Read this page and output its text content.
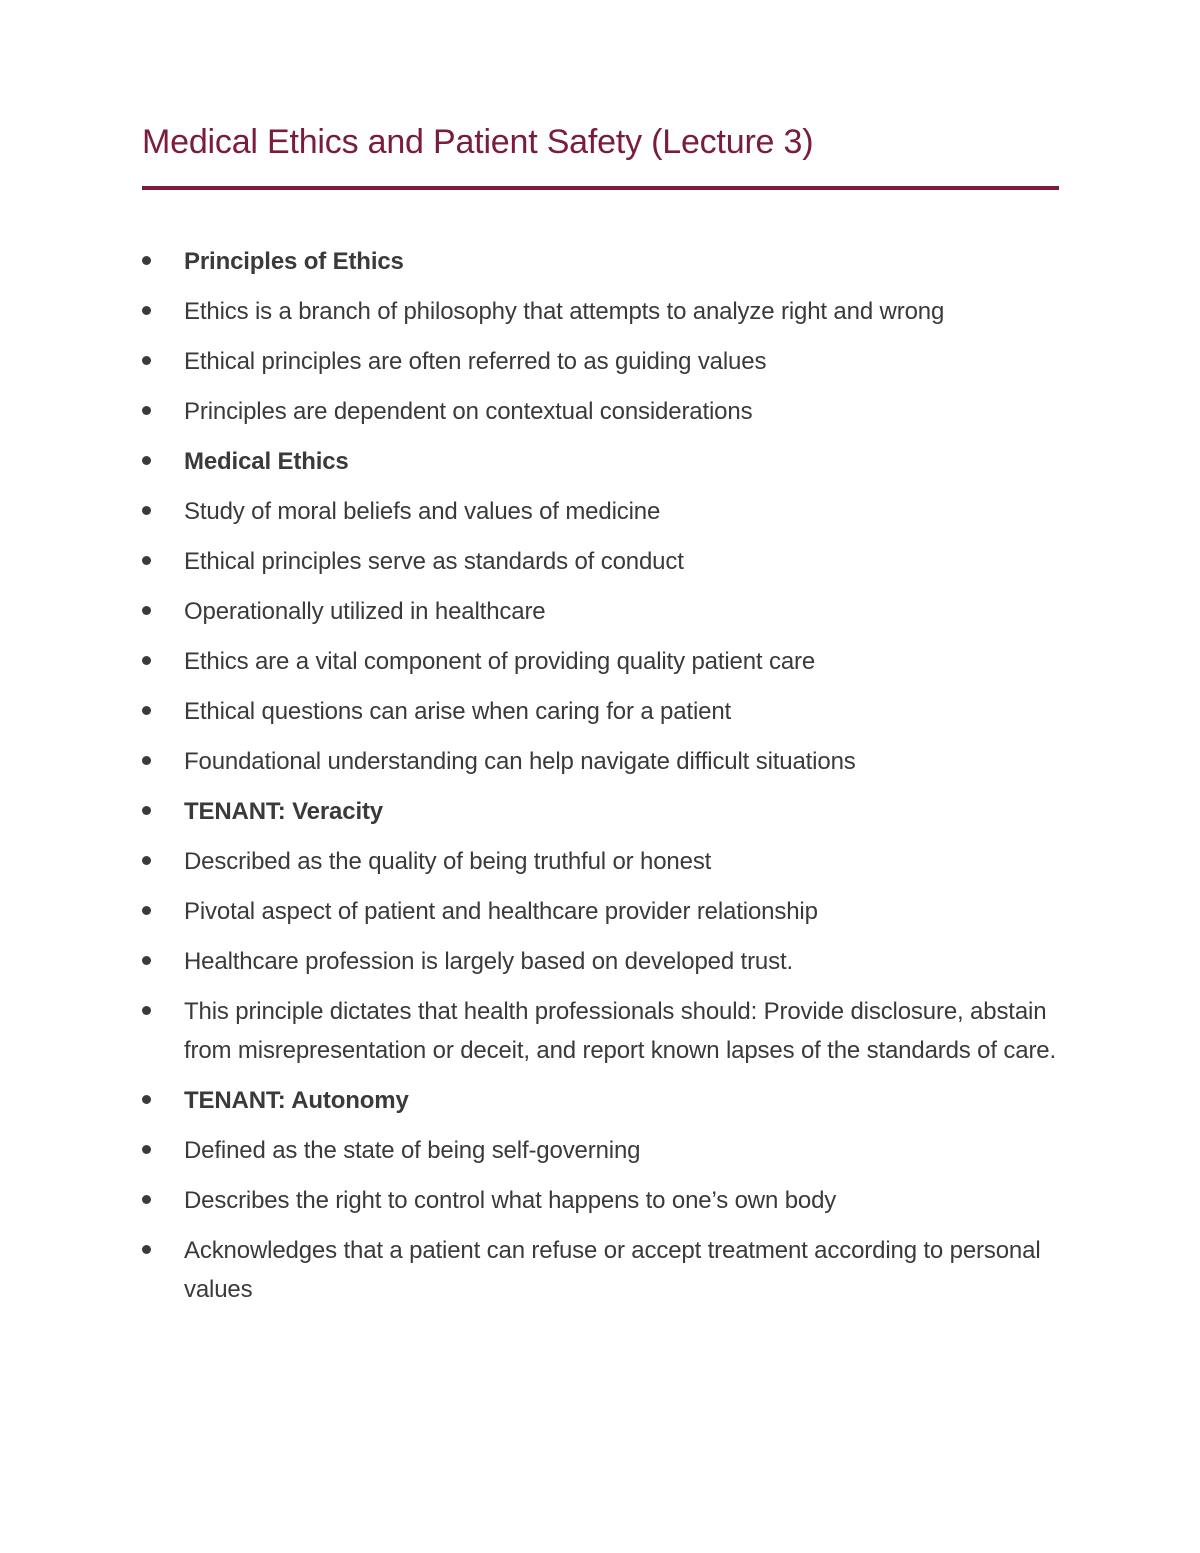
Medical Ethics and Patient Safety (Lecture 3)
Principles of Ethics
Ethics is a branch of philosophy that attempts to analyze right and wrong
Ethical principles are often referred to as guiding values
Principles are dependent on contextual considerations
Medical Ethics
Study of moral beliefs and values of medicine
Ethical principles serve as standards of conduct
Operationally utilized in healthcare
Ethics are a vital component of providing quality patient care
Ethical questions can arise when caring for a patient
Foundational understanding can help navigate difficult situations
TENANT: Veracity
Described as the quality of being truthful or honest
Pivotal aspect of patient and healthcare provider relationship
Healthcare profession is largely based on developed trust.
This principle dictates that health professionals should: Provide disclosure, abstain from misrepresentation or deceit, and report known lapses of the standards of care.
TENANT: Autonomy
Defined as the state of being self-governing
Describes the right to control what happens to one’s own body
Acknowledges that a patient can refuse or accept treatment according to personal values
